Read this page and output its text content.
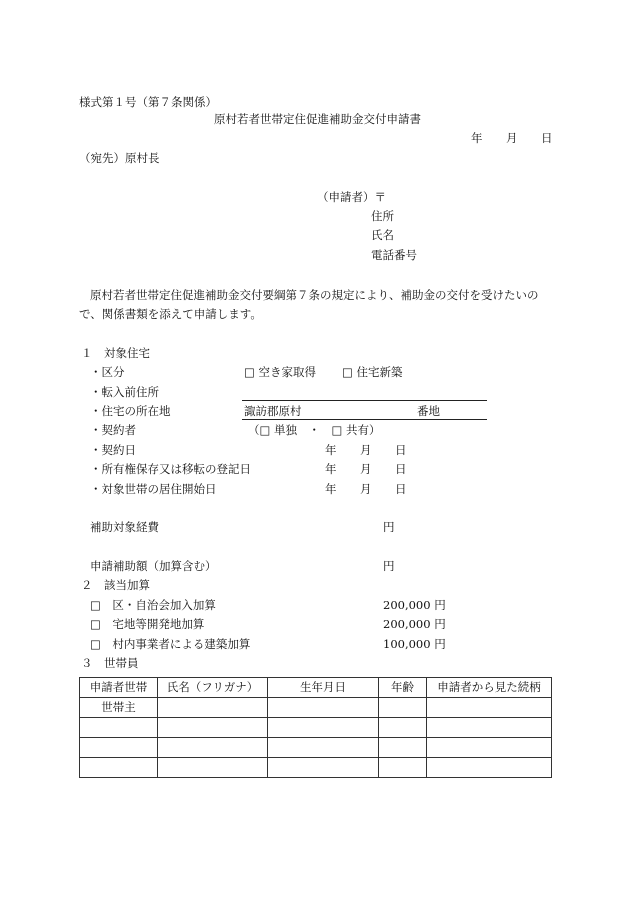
様式第１号（第７条関係）
原村若者世帯定住促進補助金交付申請書
年 月 日
（宛先）原村長
（申請者）〒
住所
氏名
電話番号
原村若者世帯定住促進補助金交付要綱第７条の規定により、補助金の交付を受けたいの
で、関係書類を添えて申請します。
１　対象住宅
・区分	□ 空き家取得 □ 住宅新築
・転入前住所
・住宅の所在地	諏訪郡原村	番地
・契約者	（□ 単独　・　□ 共有）
・契約日	年 月 日
・所有権保存又は移転の登記日	年 月 日
・対象世帯の居住開始日	年 月 日
補助対象経費	円
申請補助額（加算含む）	円
２　該当加算
□　区・自治会加入加算	200,000 円
□　宅地等開発地加算	200,000 円
□　村内事業者による建築加算	100,000 円
３　世帯員
申請者世帯	氏名（フリガナ）	生年月日	年齢	申請者から見た続柄
世帯主				
